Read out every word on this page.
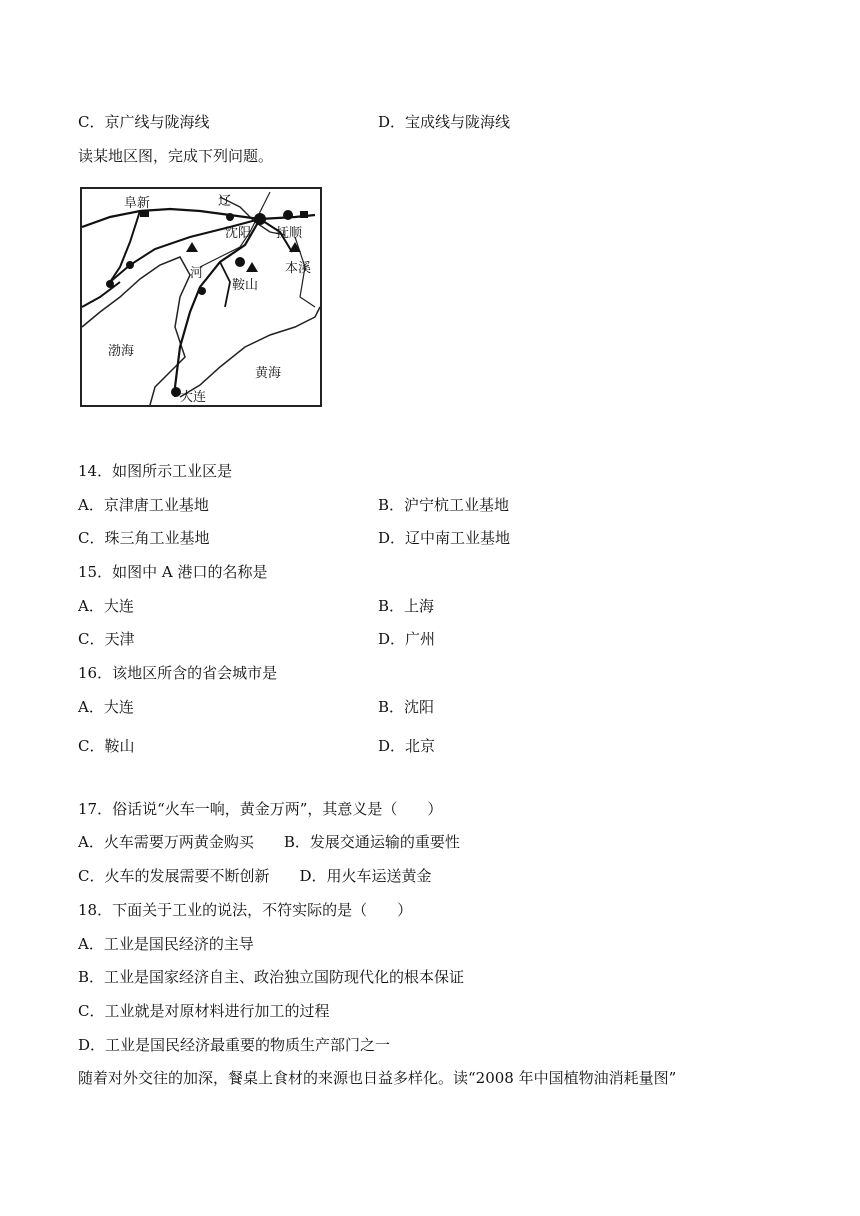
C．京广线与陇海线	D．宝成线与陇海线
读某地区图，完成下列问题。
阜新	辽
沈阳 抚顺
河	本溪
鞍山
渤海
黄海
大连
14．如图所示工业区是
A．京津唐工业基地	B．沪宁杭工业基地
C．珠三角工业基地	D．辽中南工业基地
15．如图中 A 港口的名称是
A．大连	B．上海
C．天津	D．广州
16．该地区所含的省会城市是
A．大连	B．沈阳
C．鞍山	D．北京
17．俗话说“火车一响，黄金万两”，其意义是（　　）
A．火车需要万两黄金购买　　B．发展交通运输的重要性
C．火车的发展需要不断创新　　D．用火车运送黄金
18．下面关于工业的说法，不符实际的是（　　）
A．工业是国民经济的主导
B．工业是国家经济自主、政治独立国防现代化的根本保证
C．工业就是对原材料进行加工的过程
D．工业是国民经济最重要的物质生产部门之一
随着对外交往的加深，餐桌上食材的来源也日益多样化。读“2008 年中国植物油消耗量图”
